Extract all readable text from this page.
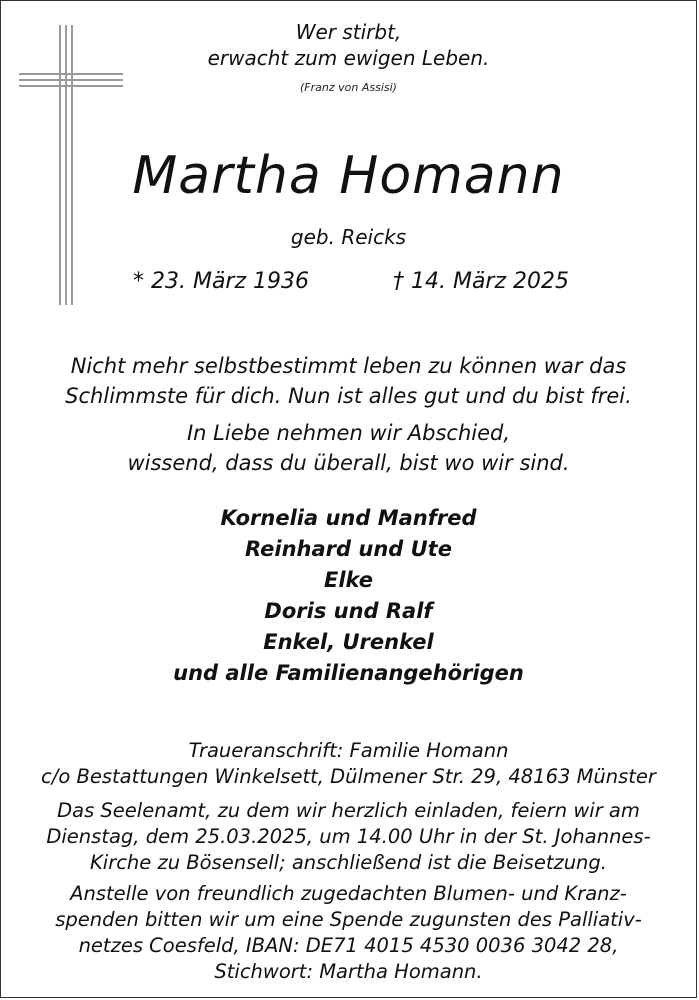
Wer stirbt,
erwacht zum ewigen Leben.
(Franz von Assisi)
Martha Homann
geb. Reicks
* 23. März 1936	† 14. März 2025
Nicht mehr selbstbestimmt leben zu können war das
Schlimmste für dich. Nun ist alles gut und du bist frei.
In Liebe nehmen wir Abschied,
wissend, dass du überall, bist wo wir sind.
Kornelia und Manfred
Reinhard und Ute
Elke
Doris und Ralf
Enkel, Urenkel
und alle Familienangehörigen
Traueranschrift: Familie Homann
c/o Bestattungen Winkelsett, Dülmener Str. 29, 48163 Münster
Das Seelenamt, zu dem wir herzlich einladen, feiern wir am
Dienstag, dem 25.03.2025, um 14.00 Uhr in der St. Johannes-
Kirche zu Bösensell; anschließend ist die Beisetzung.
Anstelle von freundlich zugedachten Blumen- und Kranz-
spenden bitten wir um eine Spende zugunsten des Palliativ-
netzes Coesfeld, IBAN: DE71 4015 4530 0036 3042 28,
Stichwort: Martha Homann.
